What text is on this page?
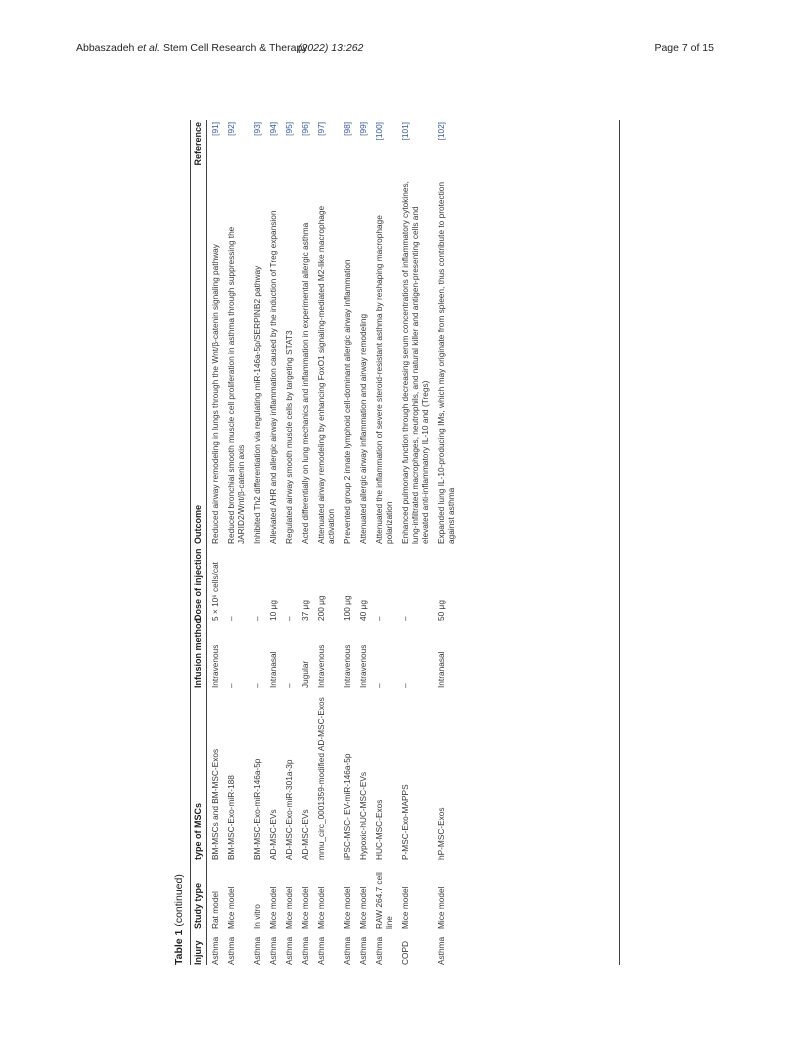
Abbaszadeh et al. Stem Cell Research & Therapy
(2022) 13:262	Page 7 of 15
Table 1 (continued)
Injury	Study type	type of MSCs	Infusion method	Dose of injection	Outcome	Reference
Asthma	Rat model	BM-MSCs and BM-MSC-Exos	Intravenous	5 × 10⁶ cells/cat	Reduced airway remodeling in lungs through the Wnt/β-catenin signaling pathway	[91]
Asthma	Mice model	BM-MSC-Exo-miR-188	–	–	Reduced bronchial smooth muscle cell proliferation in asthma through suppressing the JARID2/Wnt/β-catenin axis	[92]
Asthma	In vitro	BM-MSC-Exo-miR-146a-5p	–	–	Inhibited Th2 differentiation via regulating miR-146a-5p/SERPINB2 pathway	[93]
Asthma	Mice model	AD-MSC-EVs	Intranasal	10 μg	Alleviated AHR and allergic airway inflammation caused by the induction of Treg expansion	[94]
Asthma	Mice model	AD-MSC-Exo-miR-301a-3p	–	–	Regulated airway smooth muscle cells by targeting STAT3	[95]
Asthma	Mice model	AD-MSC-EVs	Jugular	37 μg	Acted differentially on lung mechanics and inflammation in experimental allergic asthma	[96]
Asthma	Mice model	mmu_circ_0001359-modified AD-MSC-Exos	Intravenous	200 μg	Attenuated airway remodeling by enhancing FoxO1 signaling-mediated M2-like macrophage activation	[97]
Asthma	Mice model	iPSC-MSC- EV-miR-146a-5p	Intravenous	100 μg	Prevented group 2 innate lymphoid cell-dominant allergic airway inflammation	[98]
Asthma	Mice model	Hypoxic-hUC-MSC-EVs	Intravenous	40 μg	Attenuated allergic airway inflammation and airway remodeling	[99]
Asthma	RAW 264.7 cell line	HUC-MSC-Exos	–	–	Attenuated the inflammation of severe steroid-resistant asthma by reshaping macrophage polarization	[100]
COPD	Mice model	P-MSC-Exo-MAPPS	–	–	Enhanced pulmonary function through decreasing serum concentrations of inflammatory cytokines, lung-infiltrated macrophages, neutrophils, and natural killer and antigen-presenting cells and elevated anti-inflammatory IL-10 and (Tregs)	[101]
Asthma	Mice model	hP-MSC-Exos	Intranasal	50 μg	Expanded lung IL-10-producing IMs, which may originate from spleen, thus contribute to protection against asthma	[102]
